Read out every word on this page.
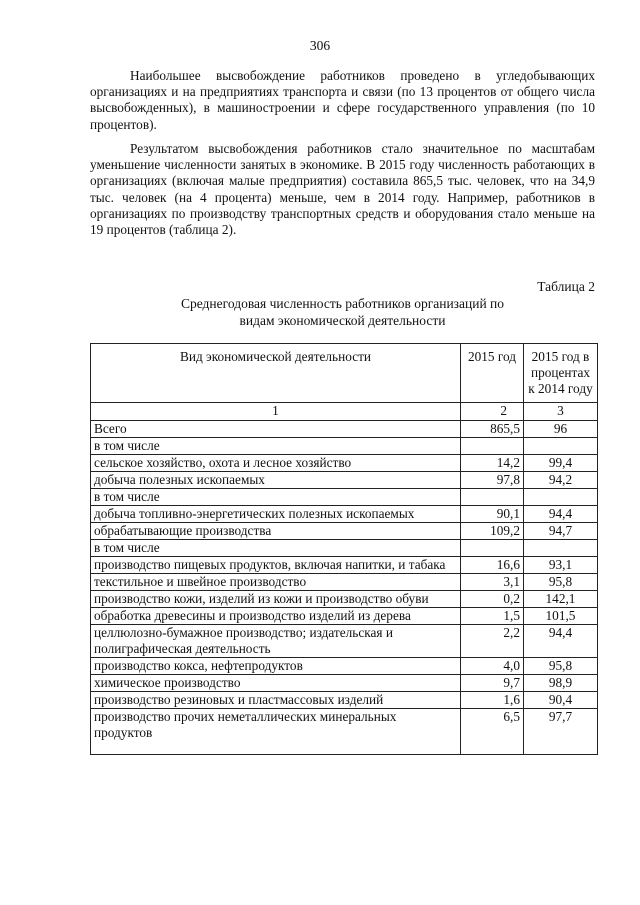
306

Наибольшее высвобождение работников проведено в угледобывающих организациях и на предприятиях транспорта и связи (по 13 процентов от общего числа высвобожденных), в машиностроении и сфере государственного управления (по 10 процентов).

Результатом высвобождения работников стало значительное по масштабам уменьшение численности занятых в экономике. В 2015 году численность работающих в организациях (включая малые предприятия) составила 865,5 тыс. человек, что на 34,9 тыс. человек (на 4 процента) меньше, чем в 2014 году. Например, работников в организациях по производству транспортных средств и оборудования стало меньше на 19 процентов (таблица 2).

Таблица 2
Среднегодовая численность работников организаций по
видам экономической деятельности
Вид экономической деятельности	2015 год	2015 год в процентах к 2014 году
1	2	3
Всего	865,5	96
в том числе		
сельское хозяйство, охота и лесное хозяйство	14,2	99,4
добыча полезных ископаемых	97,8	94,2
в том числе		
добыча топливно-энергетических полезных ископаемых	90,1	94,4
обрабатывающие производства	109,2	94,7
в том числе		
производство пищевых продуктов, включая напитки, и табака	16,6	93,1
текстильное и швейное производство	3,1	95,8
производство кожи, изделий из кожи и производство обуви	0,2	142,1
обработка древесины и производство изделий из дерева	1,5	101,5
целлюлозно-бумажное производство; издательская и полиграфическая деятельность	2,2	94,4
производство кокса, нефтепродуктов	4,0	95,8
химическое производство	9,7	98,9
производство резиновых и пластмассовых изделий	1,6	90,4
производство прочих неметаллических минеральных продуктов	6,5	97,7
